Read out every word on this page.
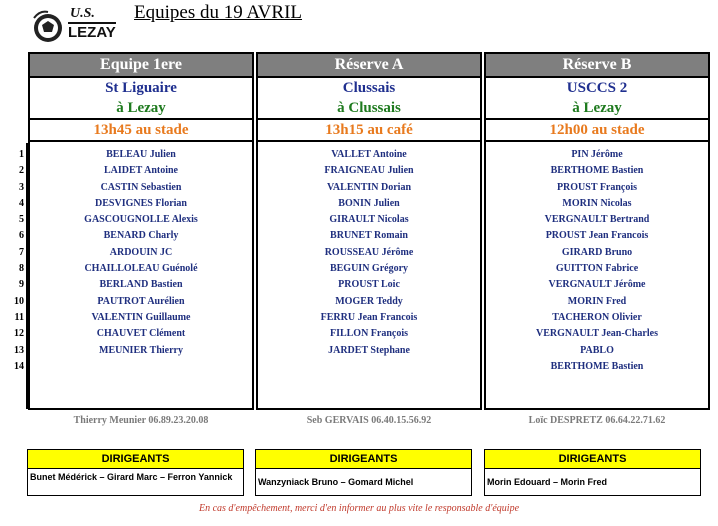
U.S.
LEZAY
Equipes du 19 AVRIL
1
2
3
4
5
6
7
8
9
10
11
12
13
14
Equipe 1ere
St Liguaire
à Lezay
13h45 au stade
BELEAU Julien
LAIDET Antoine
CASTIN Sebastien
DESVIGNES Florian
GASCOUGNOLLE Alexis
BENARD Charly
ARDOUIN JC
CHAILLOLEAU Guénolé
BERLAND Bastien
PAUTROT Aurélien
VALENTIN Guillaume
CHAUVET Clément
MEUNIER Thierry
Réserve A
Clussais
à Clussais
13h15 au café
VALLET Antoine
FRAIGNEAU Julien
VALENTIN Dorian
BONIN Julien
GIRAULT Nicolas
BRUNET Romain
ROUSSEAU Jérôme
BEGUIN Grégory
PROUST Loic
MOGER Teddy
FERRU Jean Francois
FILLON François
JARDET Stephane
Réserve B
USCCS 2
à Lezay
12h00 au stade
PIN Jérôme
BERTHOME Bastien
PROUST François
MORIN Nicolas
VERGNAULT Bertrand
PROUST Jean Francois
GIRARD Bruno
GUITTON Fabrice
VERGNAULT Jérôme
MORIN Fred
TACHERON Olivier
VERGNAULT Jean-Charles
PABLO
BERTHOME Bastien
Thierry Meunier 06.89.23.20.08	Seb GERVAIS 06.40.15.56.92	Loïc DESPRETZ 06.64.22.71.62
DIRIGEANTS
Bunet Médérick – Girard Marc – Ferron Yannick
DIRIGEANTS
Wanzyniack Bruno – Gomard Michel
DIRIGEANTS
Morin Edouard – Morin Fred
En cas d'empêchement, merci d'en informer au plus vite le responsable d'équipe
